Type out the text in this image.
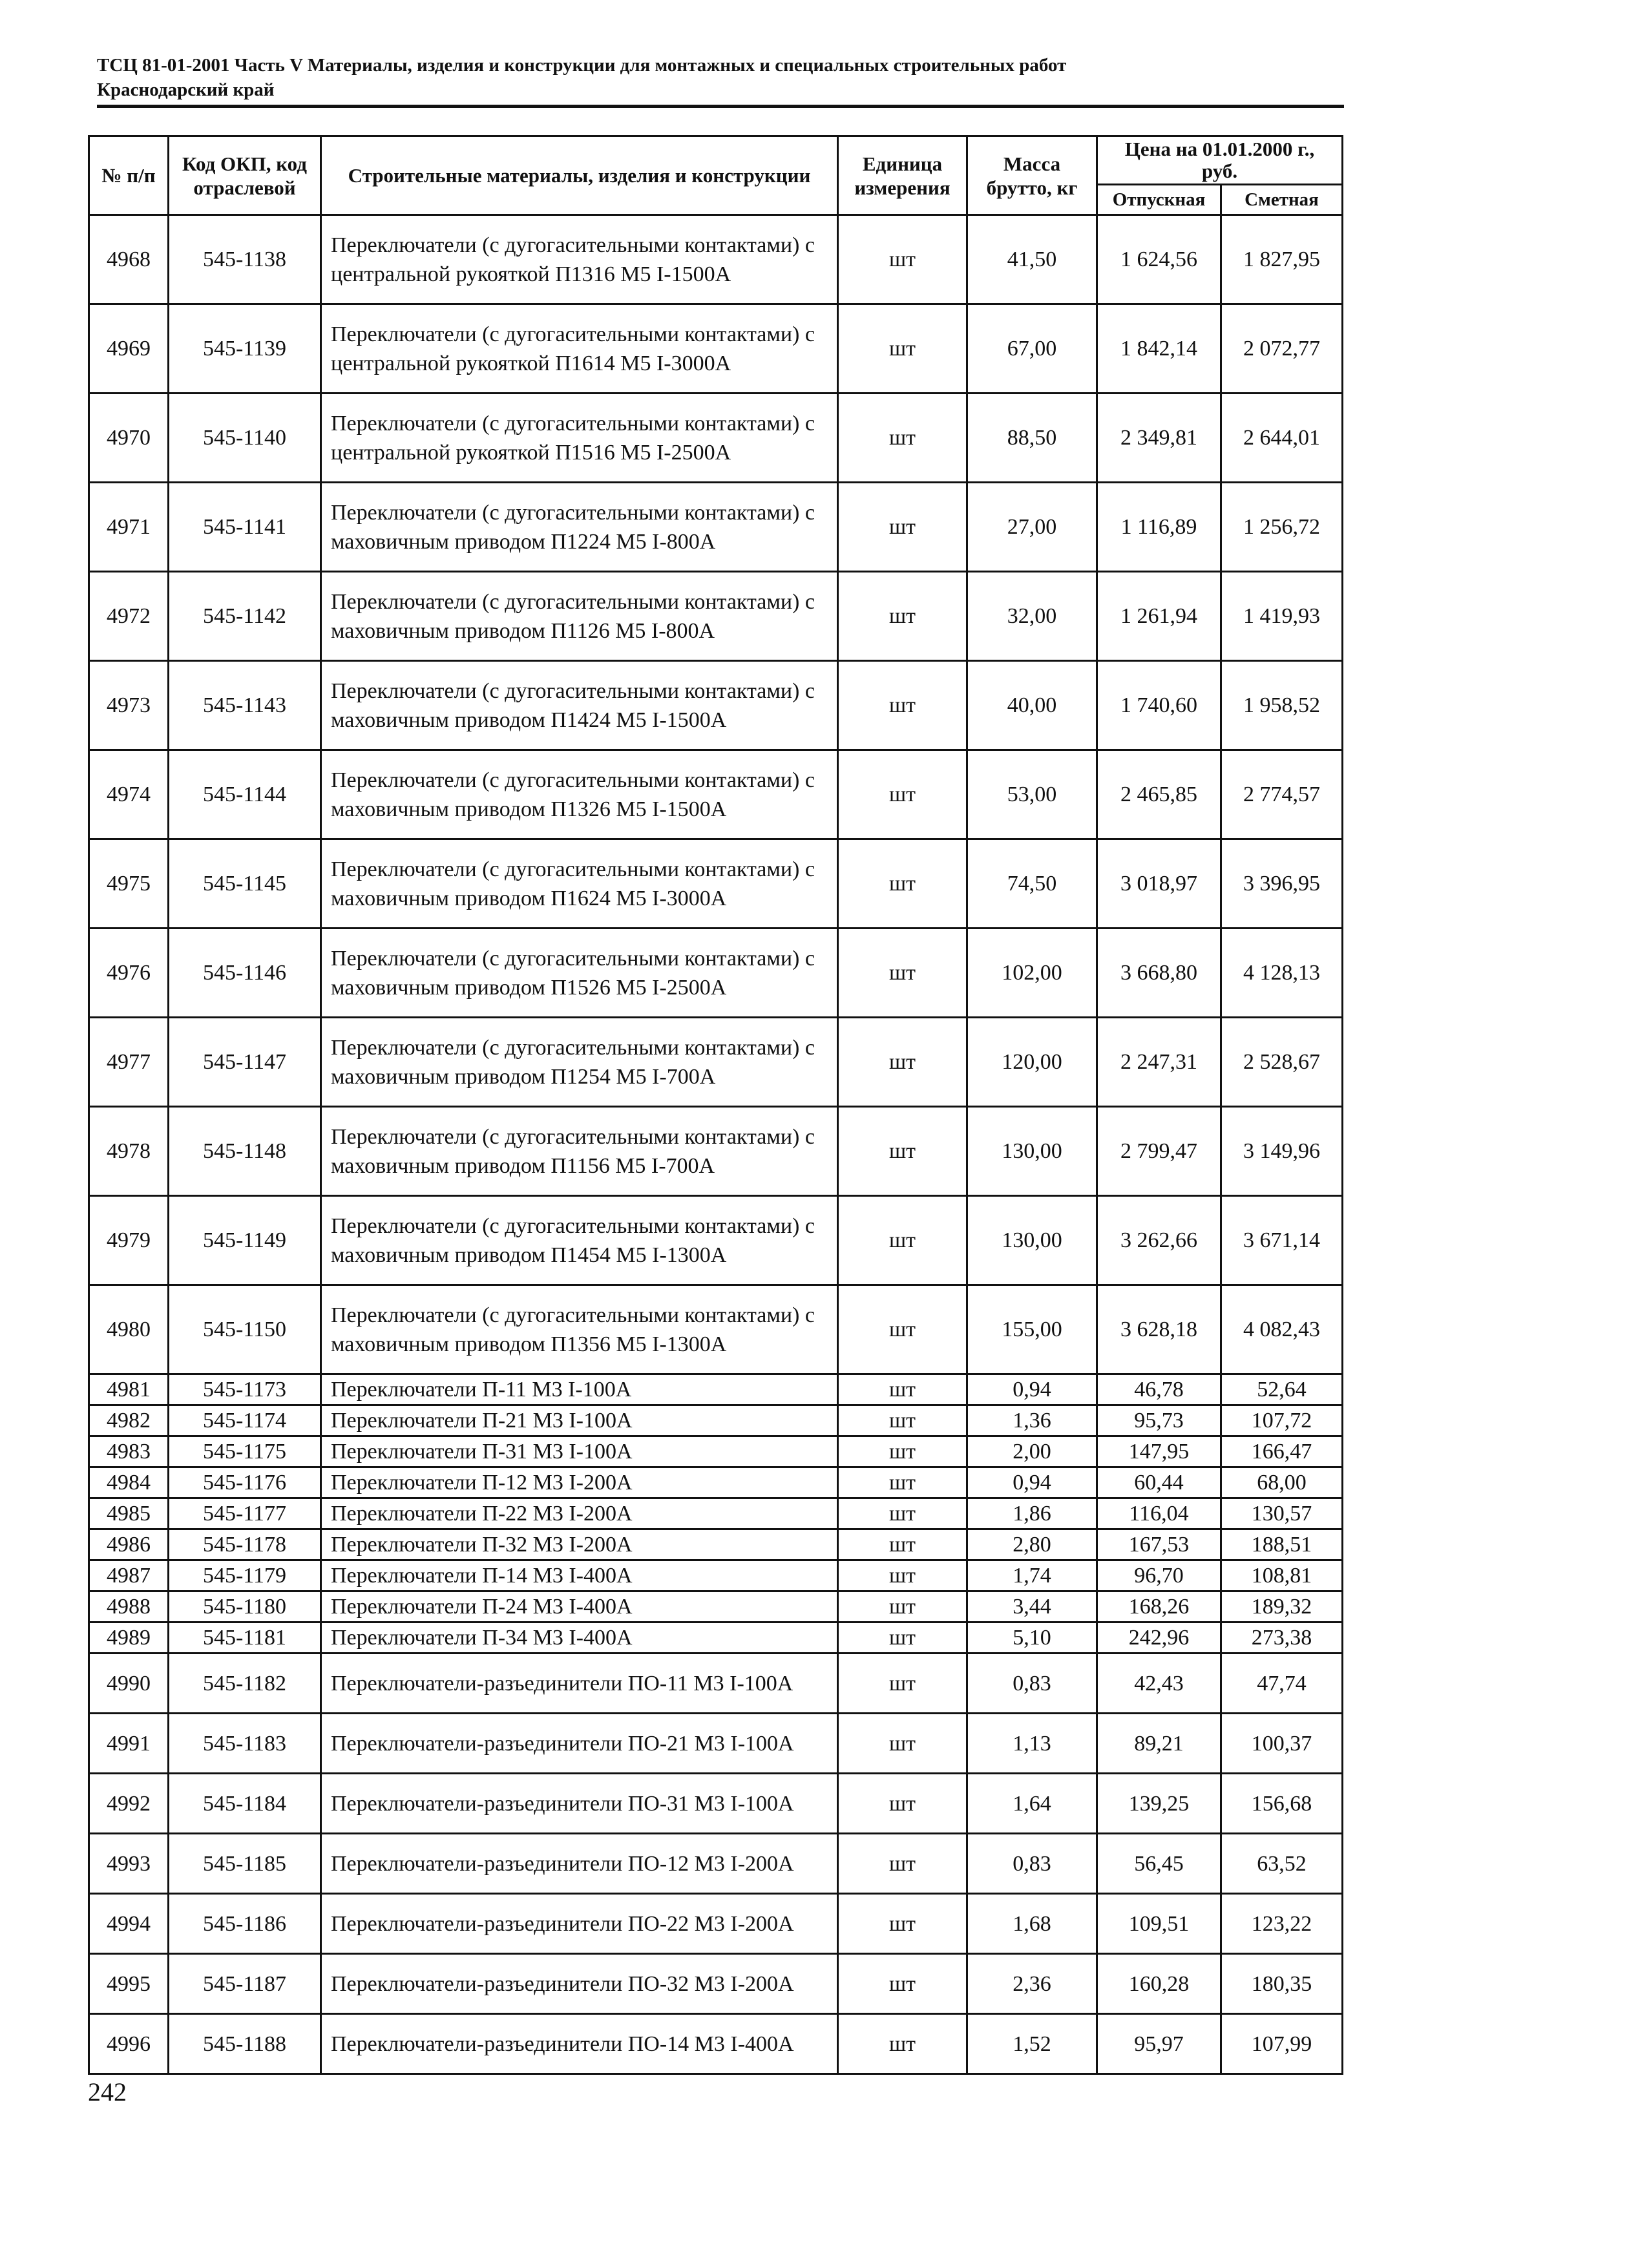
ТСЦ 81-01-2001 Часть V Материалы, изделия и конструкции для монтажных и специальных строительных работ
Краснодарский край
№ п/п	Код ОКП, код отраслевой	Строительные материалы, изделия и конструкции	Единица измерения	Масса брутто, кг	Цена на 01.01.2000 г., руб.	
					Отпускная	Сметная
4968	545-1138	Переключатели (с дугогасительными контактами) с центральной рукояткой П1316 М5 I-1500А	шт	41,50	1 624,56	1 827,95
4969	545-1139	Переключатели (с дугогасительными контактами) с центральной рукояткой П1614 М5 I-3000А	шт	67,00	1 842,14	2 072,77
4970	545-1140	Переключатели (с дугогасительными контактами) с центральной рукояткой П1516 М5 I-2500А	шт	88,50	2 349,81	2 644,01
4971	545-1141	Переключатели (с дугогасительными контактами) с маховичным приводом П1224 М5 I-800А	шт	27,00	1 116,89	1 256,72
4972	545-1142	Переключатели (с дугогасительными контактами) с маховичным приводом П1126 М5 I-800А	шт	32,00	1 261,94	1 419,93
4973	545-1143	Переключатели (с дугогасительными контактами) с маховичным приводом П1424 М5 I-1500А	шт	40,00	1 740,60	1 958,52
4974	545-1144	Переключатели (с дугогасительными контактами) с маховичным приводом П1326 М5 I-1500А	шт	53,00	2 465,85	2 774,57
4975	545-1145	Переключатели (с дугогасительными контактами) с маховичным приводом П1624 М5 I-3000А	шт	74,50	3 018,97	3 396,95
4976	545-1146	Переключатели (с дугогасительными контактами) с маховичным приводом П1526 М5 I-2500А	шт	102,00	3 668,80	4 128,13
4977	545-1147	Переключатели (с дугогасительными контактами) с маховичным приводом П1254 М5 I-700А	шт	120,00	2 247,31	2 528,67
4978	545-1148	Переключатели (с дугогасительными контактами) с маховичным приводом П1156 М5 I-700А	шт	130,00	2 799,47	3 149,96
4979	545-1149	Переключатели (с дугогасительными контактами) с маховичным приводом П1454 М5 I-1300А	шт	130,00	3 262,66	3 671,14
4980	545-1150	Переключатели (с дугогасительными контактами) с маховичным приводом П1356 М5 I-1300А	шт	155,00	3 628,18	4 082,43
4981	545-1173	Переключатели П-11 М3 I-100А	шт	0,94	46,78	52,64
4982	545-1174	Переключатели П-21 М3 I-100А	шт	1,36	95,73	107,72
4983	545-1175	Переключатели П-31 М3 I-100А	шт	2,00	147,95	166,47
4984	545-1176	Переключатели П-12 М3 I-200А	шт	0,94	60,44	68,00
4985	545-1177	Переключатели П-22 М3 I-200А	шт	1,86	116,04	130,57
4986	545-1178	Переключатели П-32 М3 I-200А	шт	2,80	167,53	188,51
4987	545-1179	Переключатели П-14 М3 I-400А	шт	1,74	96,70	108,81
4988	545-1180	Переключатели П-24 М3 I-400А	шт	3,44	168,26	189,32
4989	545-1181	Переключатели П-34 М3 I-400А	шт	5,10	242,96	273,38
4990	545-1182	Переключатели-разъединители ПО-11 М3 I-100А	шт	0,83	42,43	47,74
4991	545-1183	Переключатели-разъединители ПО-21 М3 I-100А	шт	1,13	89,21	100,37
4992	545-1184	Переключатели-разъединители ПО-31 М3 I-100А	шт	1,64	139,25	156,68
4993	545-1185	Переключатели-разъединители ПО-12 М3 I-200А	шт	0,83	56,45	63,52
4994	545-1186	Переключатели-разъединители ПО-22 М3 I-200А	шт	1,68	109,51	123,22
4995	545-1187	Переключатели-разъединители ПО-32 М3 I-200А	шт	2,36	160,28	180,35
4996	545-1188	Переключатели-разъединители ПО-14 М3 I-400А	шт	1,52	95,97	107,99
242
